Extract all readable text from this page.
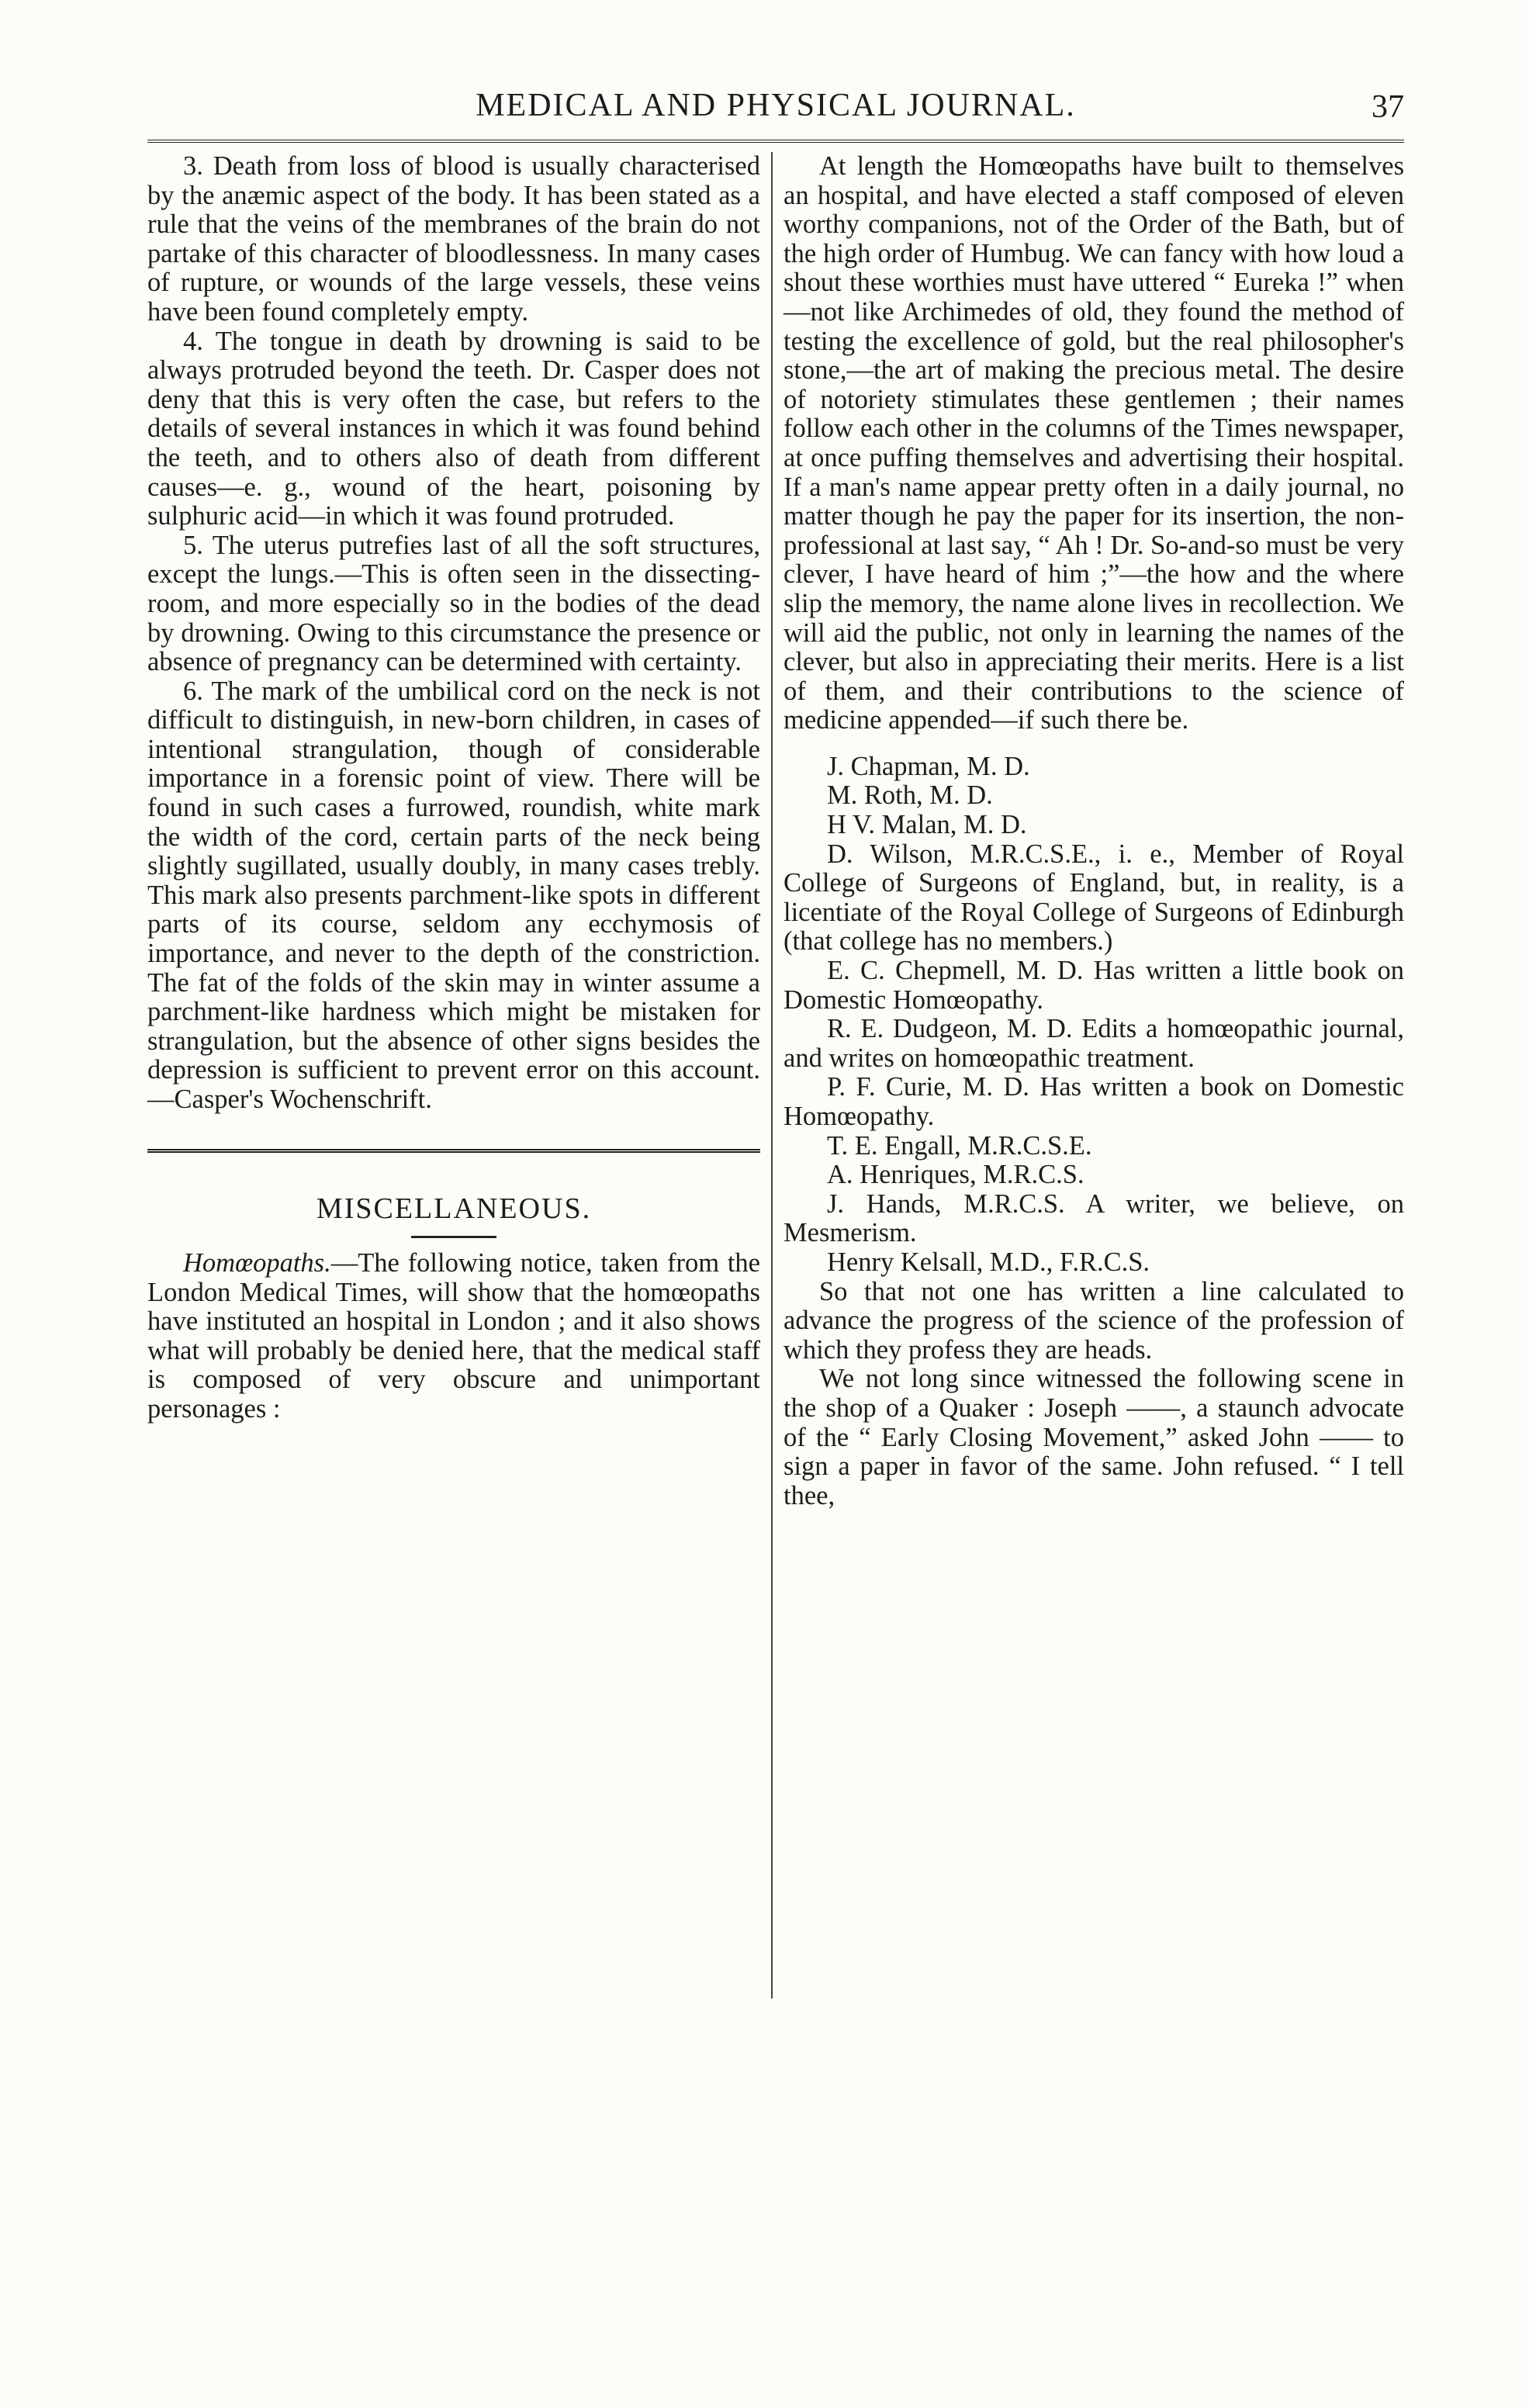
MEDICAL AND PHYSICAL JOURNAL.	37

3. Death from loss of blood is usually characterised by the anæmic aspect of the body. It has been stated as a rule that the veins of the membranes of the brain do not partake of this character of bloodlessness. In many cases of rupture, or wounds of the large vessels, these veins have been found completely empty.

4. The tongue in death by drowning is said to be always protruded beyond the teeth. Dr. Casper does not deny that this is very often the case, but refers to the details of several instances in which it was found behind the teeth, and to others also of death from different causes—e. g., wound of the heart, poisoning by sulphuric acid—in which it was found protruded.

5. The uterus putrefies last of all the soft structures, except the lungs.—This is often seen in the dissecting-room, and more especially so in the bodies of the dead by drowning. Owing to this circumstance the presence or absence of pregnancy can be determined with certainty.

6. The mark of the umbilical cord on the neck is not difficult to distinguish, in new-born children, in cases of intentional strangulation, though of considerable importance in a forensic point of view. There will be found in such cases a furrowed, roundish, white mark the width of the cord, certain parts of the neck being slightly sugillated, usually doubly, in many cases trebly. This mark also presents parchment-like spots in different parts of its course, seldom any ecchymosis of importance, and never to the depth of the constriction. The fat of the folds of the skin may in winter assume a parchment-like hardness which might be mistaken for strangulation, but the absence of other signs besides the depression is sufficient to prevent error on this account.—Casper's Wochenschrift.

MISCELLANEOUS.

Homœopaths.—The following notice, taken from the London Medical Times, will show that the homœopaths have instituted an hospital in London ; and it also shows what will probably be denied here, that the medical staff is composed of very obscure and unimportant personages :

At length the Homœopaths have built to themselves an hospital, and have elected a staff composed of eleven worthy companions, not of the Order of the Bath, but of the high order of Humbug. We can fancy with how loud a shout these worthies must have uttered “ Eureka !” when—not like Archimedes of old, they found the method of testing the excellence of gold, but the real philosopher's stone,—the art of making the precious metal. The desire of notoriety stimulates these gentlemen ; their names follow each other in the columns of the Times newspaper, at once puffing themselves and advertising their hospital. If a man's name appear pretty often in a daily journal, no matter though he pay the paper for its insertion, the non-professional at last say, “ Ah ! Dr. So-and-so must be very clever, I have heard of him ;”—the how and the where slip the memory, the name alone lives in recollection. We will aid the public, not only in learning the names of the clever, but also in appreciating their merits. Here is a list of them, and their contributions to the science of medicine appended—if such there be.

J. Chapman, M. D.

M. Roth, M. D.

H V. Malan, M. D.

D. Wilson, M.R.C.S.E., i. e., Member of Royal College of Surgeons of England, but, in reality, is a licentiate of the Royal College of Surgeons of Edinburgh (that college has no members.)

E. C. Chepmell, M. D. Has written a little book on Domestic Homœopathy.

R. E. Dudgeon, M. D. Edits a homœopathic journal, and writes on homœopathic treatment.

P. F. Curie, M. D. Has written a book on Domestic Homœopathy.

T. E. Engall, M.R.C.S.E.

A. Henriques, M.R.C.S.

J. Hands, M.R.C.S. A writer, we believe, on Mesmerism.

Henry Kelsall, M.D., F.R.C.S.

So that not one has written a line calculated to advance the progress of the science of the profession of which they profess they are heads.

We not long since witnessed the following scene in the shop of a Quaker : Joseph ——, a staunch advocate of the “ Early Closing Movement,” asked John —— to sign a paper in favor of the same. John refused. “ I tell thee,
